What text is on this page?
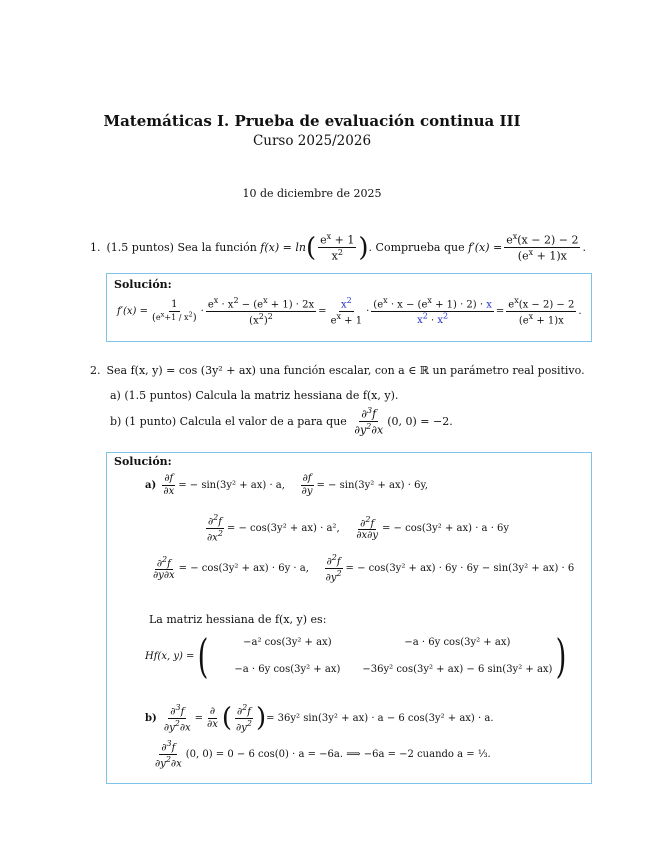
Matemáticas I. Prueba de evaluación continua III
Curso 2025/2026
10 de diciembre de 2025
1. (1.5 puntos)
Sea la función
f(x) = ln ( $\frac{e^x + 1}{x^2}$ ) . Comprueba que
$f'(x) = \frac{e^x(x - 2) - 2}{(e^x + 1)x}$ .
Solución:
$f'(x) = \frac{1}{(e^x+1 / x^2)} \cdot \frac{e^x \cdot x^2 - (e^x + 1) \cdot 2x}{(x^2)^2} = \frac{x^2}{e^x + 1} \cdot \frac{(e^x \cdot x - (e^x + 1) \cdot 2) \cdot x}{x^2 \cdot x^2} = \frac{e^x(x - 2) - 2}{(e^x + 1)x}$ .
2. Sea f(x, y) = cos (3y² + ax) una función escalar, con a ∈ ℝ un parámetro real positivo.
a) (1.5 puntos) Calcula la matriz hessiana de f(x, y).
b) (1 punto) Calcula el valor de a para que
$\frac{\partial^3f}{\partial y^2\partial x} (0$, 0) = −2.
Solución:
a)
$\frac{\partial f}{\partial x}$ = − sin(3y² + ax) · a,
$\frac{\partial f}{\partial y}$ = − sin(3y² + ax) · 6y,
$\frac{\partial^2f}{\partial x^2}$ = − cos(3y² + ax) · a²,
$\frac{\partial^2f}{\partial x\partial y}$ = − cos(3y² + ax) · a · 6y
$\frac{\partial^2f}{\partial y\partial x}$ = − cos(3y² + ax) · 6y · a,
$\frac{\partial^2f}{\partial y^2}$ = − cos(3y² + ax) · 6y · 6y − sin(3y² + ax) · 6
La matriz hessiana de f(x, y) es:
Hf(x, y) = (	−a² cos(3y² + ax)	−a · 6y cos(3y² + ax)
−a · 6y cos(3y² + ax)	−36y² cos(3y² + ax) − 6 sin(3y² + ax) )
b)
$\frac{\partial^3f}{\partial y^2\partial x} = \frac{\partial}{\partial x}$ ( $\frac{\partial^2f}{\partial y^2}$ ) = 36y² sin(3y² + ax) · a − 6 cos(3y² + ax) · a.
$\frac{\partial^3f}{\partial y^2\partial x} (0$, 0) = 0 − 6 cos(0) · a = −6a. ⟹ −6a = −2 cuando a = ⅓.
